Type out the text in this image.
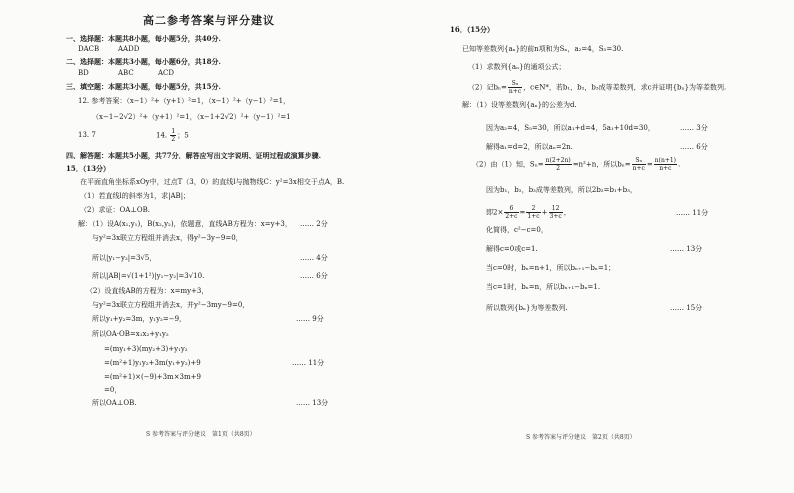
高二参考答案与评分建议
一、选择题：本题共8小题，每小题5分，共40分.
DACB	AADD
二、选择题：本题共3小题，每小题6分，共18分.
BD	ABC	ACD
三、填空题：本题共3小题，每小题5分，共15分.
12. 参考答案：（x−1）²+（y+1）²=1，（x−1）²+（y−1）²=1，
（x−1−2√2）²+（y+1）²=1，（x−1+2√2）²+（y−1）²=1
13. 7	14. $\frac{1}{2}$ ；5
四、解答题：本题共5小题，共77分．解答应写出文字说明、证明过程或演算步骤.
15．（13分）
在平面直角坐标系xOy中，过点T（3，0）的直线l与抛物线C：y²=3x相交于点A，B.
（1）若直线l的斜率为1，求|AB|；
（2）求证：OA⊥OB.
解：（1）设A(x₁,y₁)，B(x₂,y₂)，依题意，直线AB方程为：x=y+3， …… 2分
与y²=3x联立方程组并消去x，得y²−3y−9=0，
所以|y₁−y₂|=3√5，	…… 4分
所以|AB|=√(1+1²)|y₁−y₂|=3√10.	…… 6分
（2）设直线AB的方程为：x=my+3，
与y²=3x联立方程组并消去x，并y²−3my−9=0，
所以y₁+y₂=3m，y₁y₂=−9，	…… 9分
所以OA·OB=x₁x₂+y₁y₂
=(my₁+3)(my₂+3)+y₁y₂
=(m²+1)y₁y₂+3m(y₁+y₂)+9	…… 11分
=(m²+1)×(−9)+3m×3m+9
=0，
所以OA⊥OB.	…… 13分
S 参考答案与评分建议　第1页（共8页）
16．（15分）
已知等差数列{aₙ}的前n项和为Sₙ，a₂=4，S₅=30.
（1）求数列{aₙ}的通项公式；
（2）记$b_n= \frac{\text{Sₙ}}{n+c}$ ，c∈N*，若b₁，b₂，b₃成等差数列，求c并证明{bₙ}为等差数列.
解：（1）设等差数列{aₙ}的公差为d.
因为a₂=4，S₅=30，所以a₁+d=4，5a₁+10d=30，	…… 3分
解得a₁=d=2，所以aₙ=2n.	…… 6分
（2）由（1）知，$S_n= \frac{n(2+2n)}{2} =n^2+n$，所以$b_n= \frac{\text{Sₙ}}{n+c} = \frac{n(n+1)}{n+c}$ .
因为b₁，b₂，b₃成等差数列，所以2b₂=b₁+b₃，
即$2\times \frac{6}{2+c} = \frac{2}{1+c} + \frac{12}{3+c}$ ，	…… 11分
化简得，c²−c=0，
解得c=0或c=1.	…… 13分
当c=0时，bₙ=n+1，所以bₙ₊₁−bₙ=1；
当c=1时，bₙ=n，所以bₙ₊₁−bₙ=1.
所以数列{bₙ}为等差数列.	…… 15分
S 参考答案与评分建议　第2页（共8页）
